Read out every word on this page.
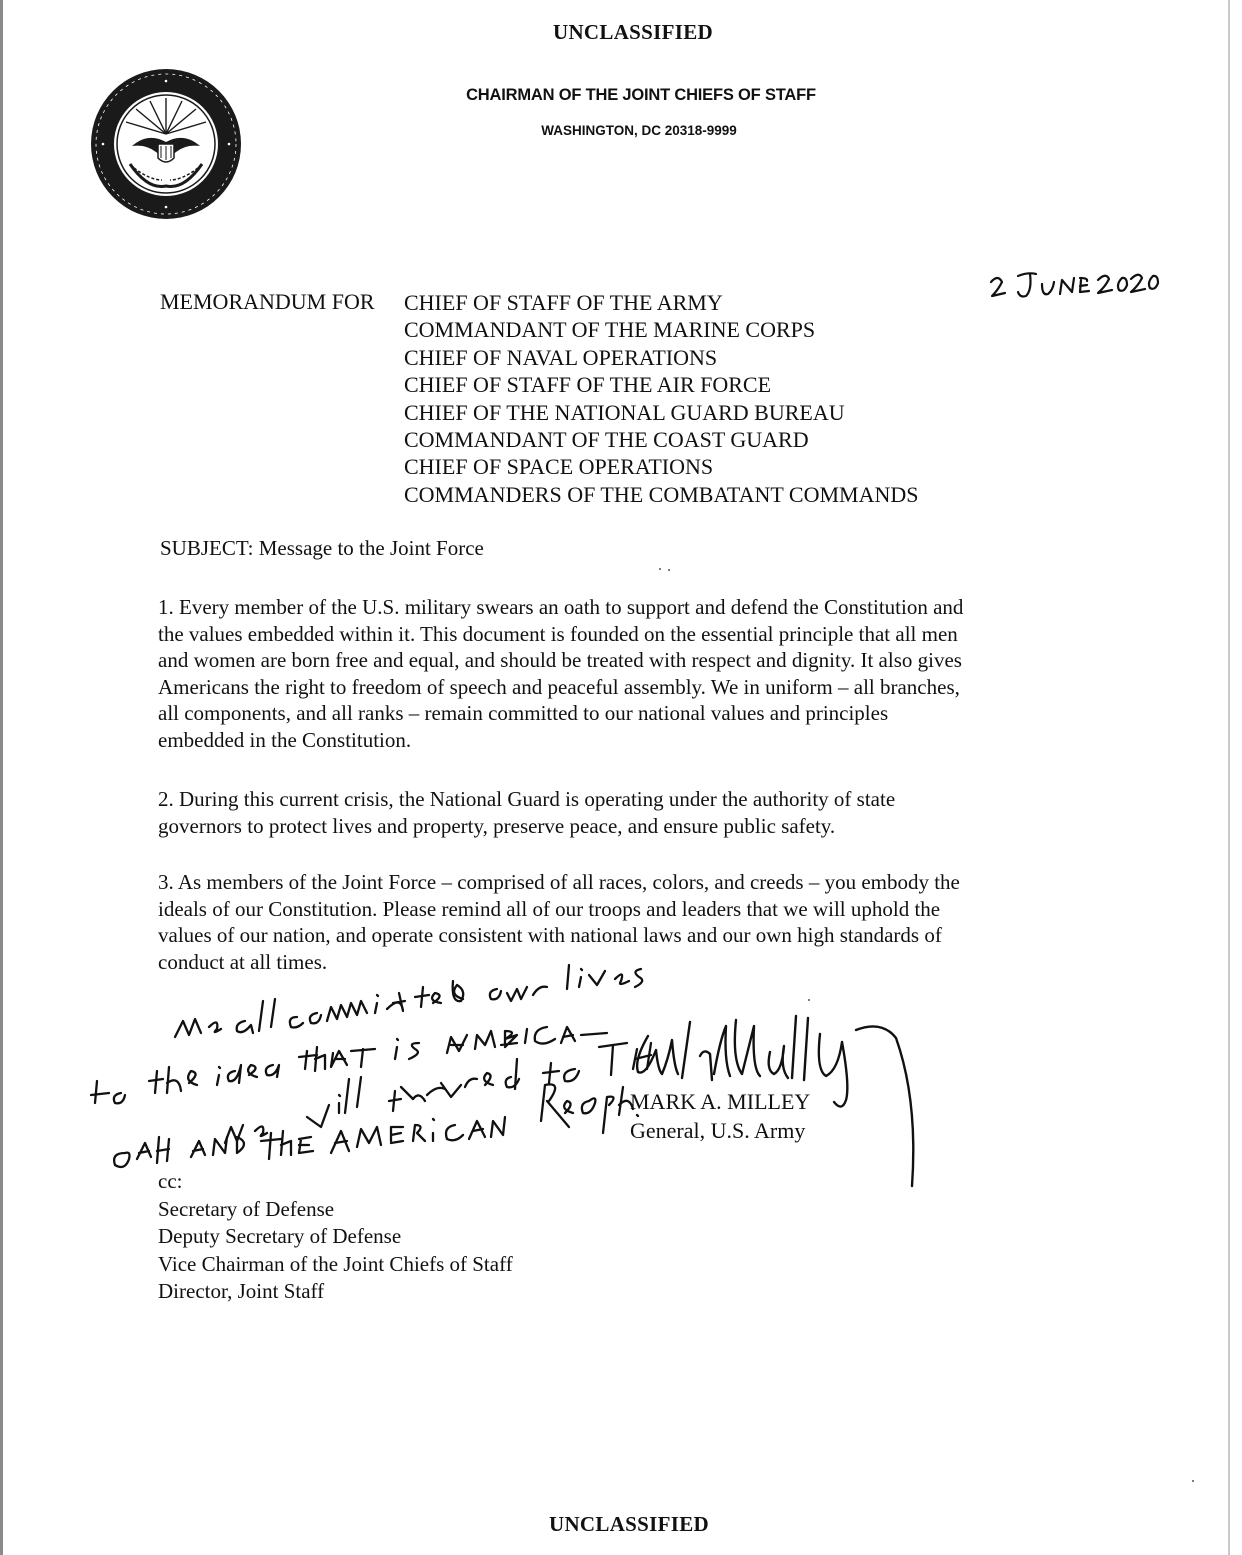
UNCLASSIFIED
CHAIRMAN OF THE JOINT CHIEFS OF STAFF
WASHINGTON, DC 20318-9999
MEMORANDUM FOR CHIEF OF STAFF OF THE ARMY
COMMANDANT OF THE MARINE CORPS
CHIEF OF NAVAL OPERATIONS
CHIEF OF STAFF OF THE AIR FORCE
CHIEF OF THE NATIONAL GUARD BUREAU
COMMANDANT OF THE COAST GUARD
CHIEF OF SPACE OPERATIONS
COMMANDERS OF THE COMBATANT COMMANDS
SUBJECT: Message to the Joint Force

1. Every member of the U.S. military swears an oath to support and defend the Constitution and
the values embedded within it. This document is founded on the essential principle that all men
and women are born free and equal, and should be treated with respect and dignity. It also gives
Americans the right to freedom of speech and peaceful assembly. We in uniform – all branches,
all components, and all ranks – remain committed to our national values and principles
embedded in the Constitution.

2. During this current crisis, the National Guard is operating under the authority of state
governors to protect lives and property, preserve peace, and ensure public safety.

3. As members of the Joint Force – comprised of all races, colors, and creeds – you embody the
ideals of our Constitution. Please remind all of our troops and leaders that we will uphold the
values of our nation, and operate consistent with national laws and our own high standards of
conduct at all times.

MARK A. MILLEY
General, U.S. Army
cc:
Secretary of Defense
Deputy Secretary of Defense
Vice Chairman of the Joint Chiefs of Staff
Director, Joint Staff
UNCLASSIFIED
